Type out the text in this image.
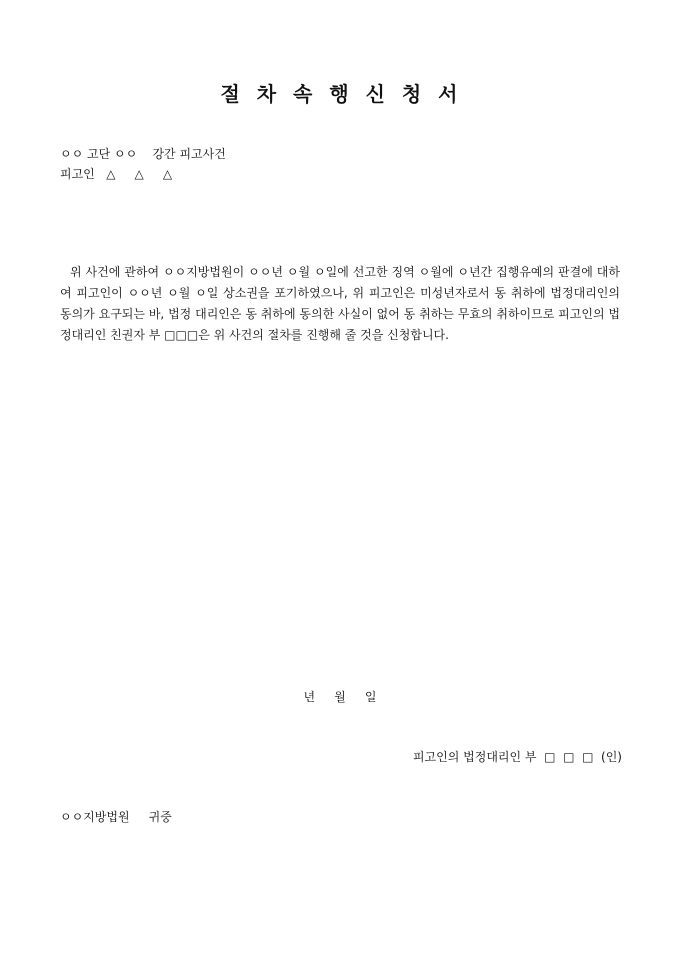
절 차 속 행 신 청 서

ㅇㅇ 고단 ㅇㅇ    강간 피고사건

피고인   △     △     △

위 사건에 관하여 ㅇㅇ지방법원이 ㅇㅇ년 ㅇ월 ㅇ일에 선고한 징역 ㅇ월에 ㅇ년간 집행유예의 판결에 대하여 피고인이 ㅇㅇ년 ㅇ월 ㅇ일 상소권을 포기하였으나, 위 피고인은 미성년자로서 동 취하에 법정대리인의 동의가 요구되는 바, 법정 대리인은 동 취하에 동의한 사실이 없어 동 취하는 무효의 취하이므로 피고인의 법정대리인 친권자 부 □□□은 위 사건의 절차를 진행해 줄 것을 신청합니다.

년     월     일

피고인의 법정대리인 부  □  □  □  (인)

ㅇㅇ지방법원     귀중
